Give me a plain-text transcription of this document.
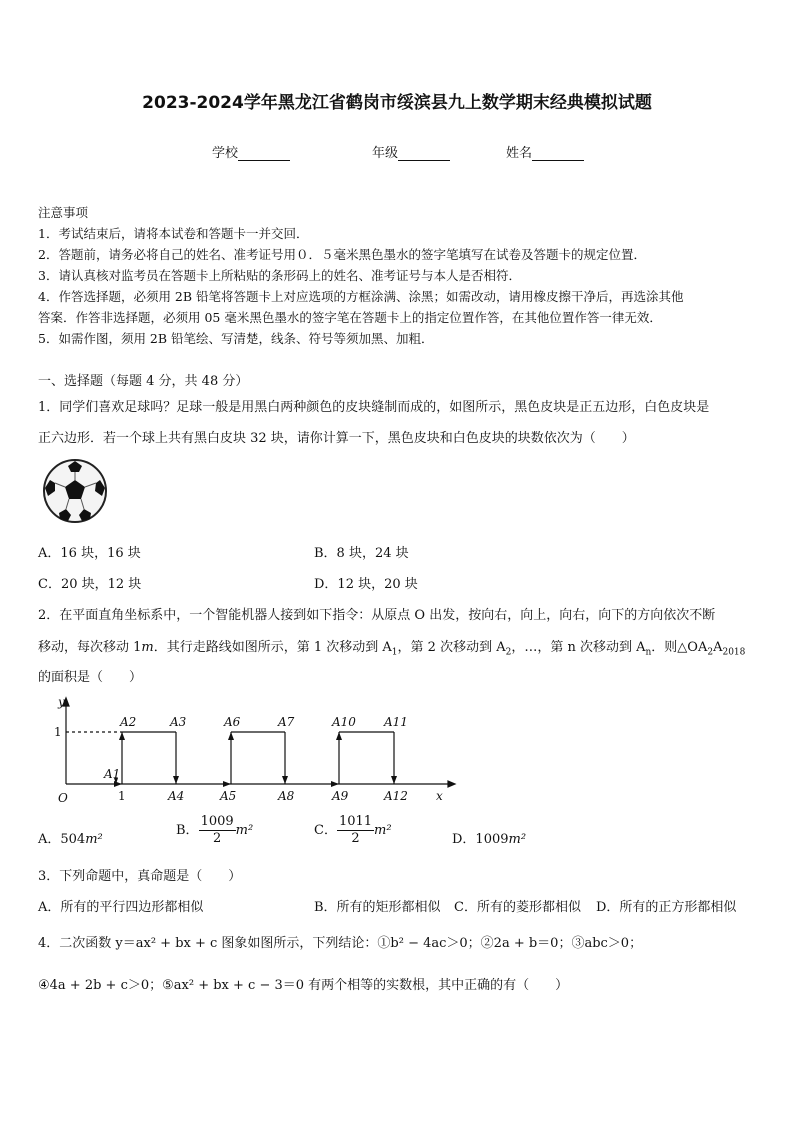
2023-2024学年黑龙江省鹤岗市绥滨县九上数学期末经典模拟试题
学校	年级	姓名
注意事项
1．考试结束后，请将本试卷和答题卡一并交回．
2．答题前，请务必将自己的姓名、准考证号用０．５毫米黑色墨水的签字笔填写在试卷及答题卡的规定位置．
3．请认真核对监考员在答题卡上所粘贴的条形码上的姓名、准考证号与本人是否相符．
4．作答选择题，必须用 2B 铅笔将答题卡上对应选项的方框涂满、涂黑；如需改动，请用橡皮擦干净后，再选涂其他
答案．作答非选择题，必须用 05 毫米黑色墨水的签字笔在答题卡上的指定位置作答，在其他位置作答一律无效．
5．如需作图，须用 2B 铅笔绘、写清楚，线条、符号等须加黑、加粗．
一、选择题（每题 4 分，共 48 分）
1．同学们喜欢足球吗？足球一般是用黑白两种颜色的皮块缝制而成的，如图所示，黑色皮块是正五边形，白色皮块是
正六边形．若一个球上共有黑白皮块 32 块，请你计算一下，黑色皮块和白色皮块的块数依次为（　　）
A．16 块，16 块	B．8 块，24 块
C．20 块，12 块	D．12 块，20 块
2．在平面直角坐标系中，一个智能机器人接到如下指令：从原点 O 出发，按向右，向上，向右，向下的方向依次不断
移动，每次移动 1m．其行走路线如图所示，第 1 次移动到 $A_1$，第 2 次移动到 $A_2$，…，第 n 次移动到 $A_n$．则$\triangle OA_2A_{2018}$
的面积是（　　）
y
x
O
1
1
A1
A2	A3	A6	A7	A10 A11
A4	A5	A8	A9	A12
A．504m²
B． $\frac{1009}{2} m^2$	C． $\frac{1011}{2} m^2$
D．1009m²
3．下列命题中，真命题是（　　）
A．所有的平行四边形都相似	B．所有的矩形都相似 C．所有的菱形都相似 D．所有的正方形都相似
4．二次函数 y＝ax² + bx + c 图象如图所示，下列结论：①b² − 4ac＞0；②2a + b＝0；③abc＞0；
④4a + 2b + c＞0；⑤ax² + bx + c − 3＝0 有两个相等的实数根，其中正确的有（　　）
